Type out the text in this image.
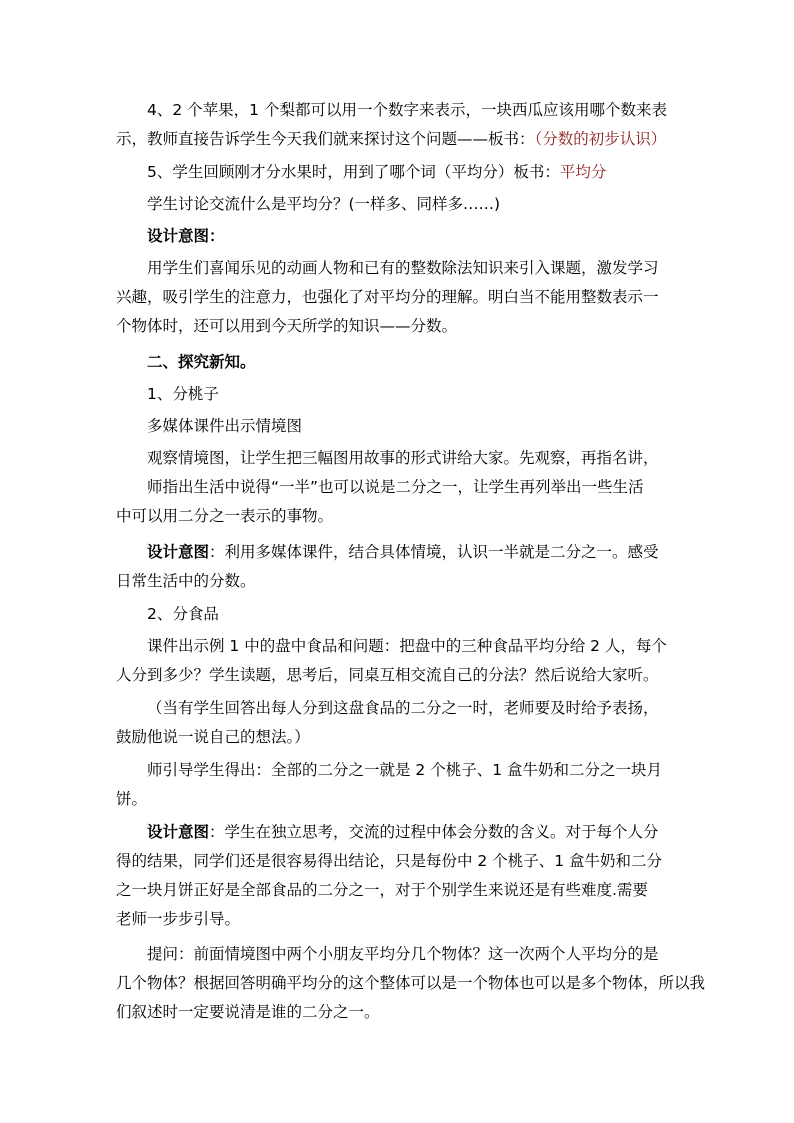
4、2 个苹果，1 个梨都可以用一个数字来表示，一块西瓜应该用哪个数来表
示，教师直接告诉学生今天我们就来探讨这个问题——板书：（分数的初步认识）
5、学生回顾刚才分水果时，用到了哪个词（平均分）板书：平均分
学生讨论交流什么是平均分？(一样多、同样多……)
设计意图：
用学生们喜闻乐见的动画人物和已有的整数除法知识来引入课题，激发学习
兴趣，吸引学生的注意力，也强化了对平均分的理解。明白当不能用整数表示一
个物体时，还可以用到今天所学的知识——分数。
二、探究新知。
1、分桃子
多媒体课件出示情境图
观察情境图，让学生把三幅图用故事的形式讲给大家。先观察，再指名讲，
师指出生活中说得“一半”也可以说是二分之一，让学生再列举出一些生活
中可以用二分之一表示的事物。
设计意图：利用多媒体课件，结合具体情境，认识一半就是二分之一。感受
日常生活中的分数。
2、分食品
课件出示例 1 中的盘中食品和问题：把盘中的三种食品平均分给 2 人，每个
人分到多少？学生读题，思考后，同桌互相交流自己的分法？然后说给大家听。
（当有学生回答出每人分到这盘食品的二分之一时，老师要及时给予表扬，
鼓励他说一说自己的想法。）
师引导学生得出：全部的二分之一就是 2 个桃子、1 盒牛奶和二分之一块月
饼。
设计意图：学生在独立思考，交流的过程中体会分数的含义。对于每个人分
得的结果，同学们还是很容易得出结论，只是每份中 2 个桃子、1 盒牛奶和二分
之一块月饼正好是全部食品的二分之一，对于个别学生来说还是有些难度.需要
老师一步步引导。
提问：前面情境图中两个小朋友平均分几个物体？这一次两个人平均分的是
几个物体？根据回答明确平均分的这个整体可以是一个物体也可以是多个物体，所以我
们叙述时一定要说清是谁的二分之一。
